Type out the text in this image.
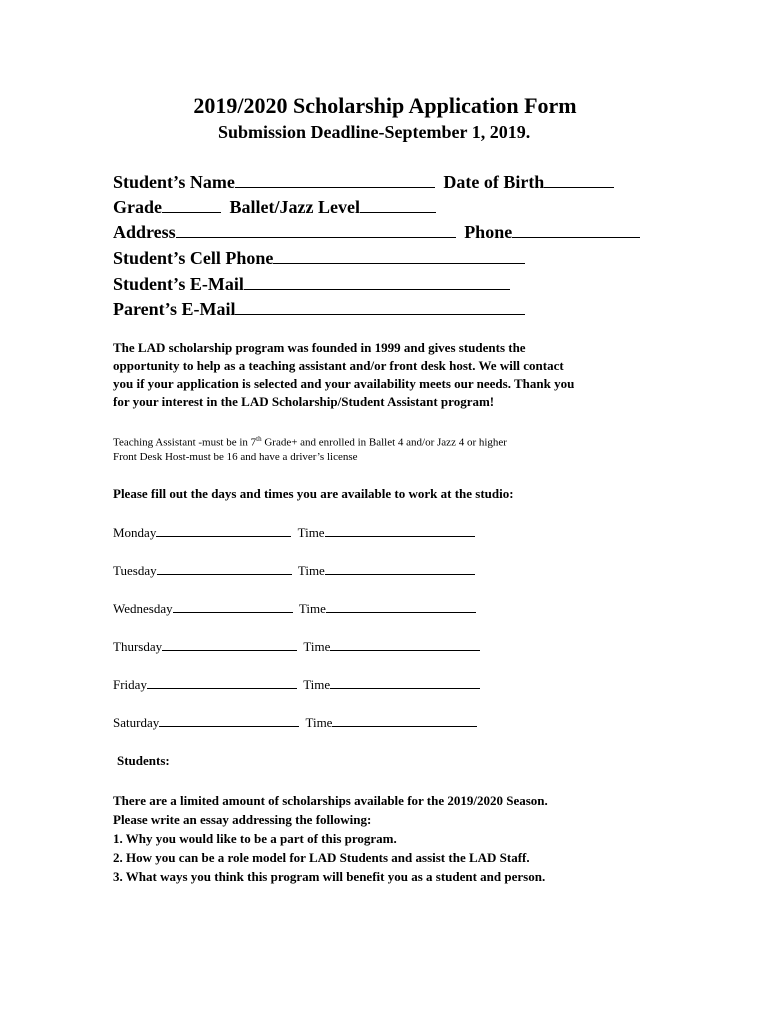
2019/2020 Scholarship Application Form
Submission Deadline-September 1, 2019.
Student’s Name	Date of Birth
Grade	Ballet/Jazz Level
Address	Phone
Student’s Cell Phone
Student’s E-Mail
Parent’s E-Mail

The LAD scholarship program was founded in 1999 and gives students the

opportunity to help as a teaching assistant and/or front desk host. We will contact

you if your application is selected and your availability meets our needs. Thank you

for your interest in the LAD Scholarship/Student Assistant program!

Teaching Assistant -must be in 7th Grade+ and enrolled in Ballet 4 and/or Jazz 4 or higher
Front Desk Host-must be 16 and have a driver’s license
Please fill out the days and times you are available to work at the studio:
Monday	Time
Tuesday	Time
Wednesday	Time
Thursday	Time
Friday	Time
Saturday	Time
Students:

There are a limited amount of scholarships available for the 2019/2020 Season.

Please write an essay addressing the following:

1. Why you would like to be a part of this program.

2. How you can be a role model for LAD Students and assist the LAD Staff.

3. What ways you think this program will benefit you as a student and person.
